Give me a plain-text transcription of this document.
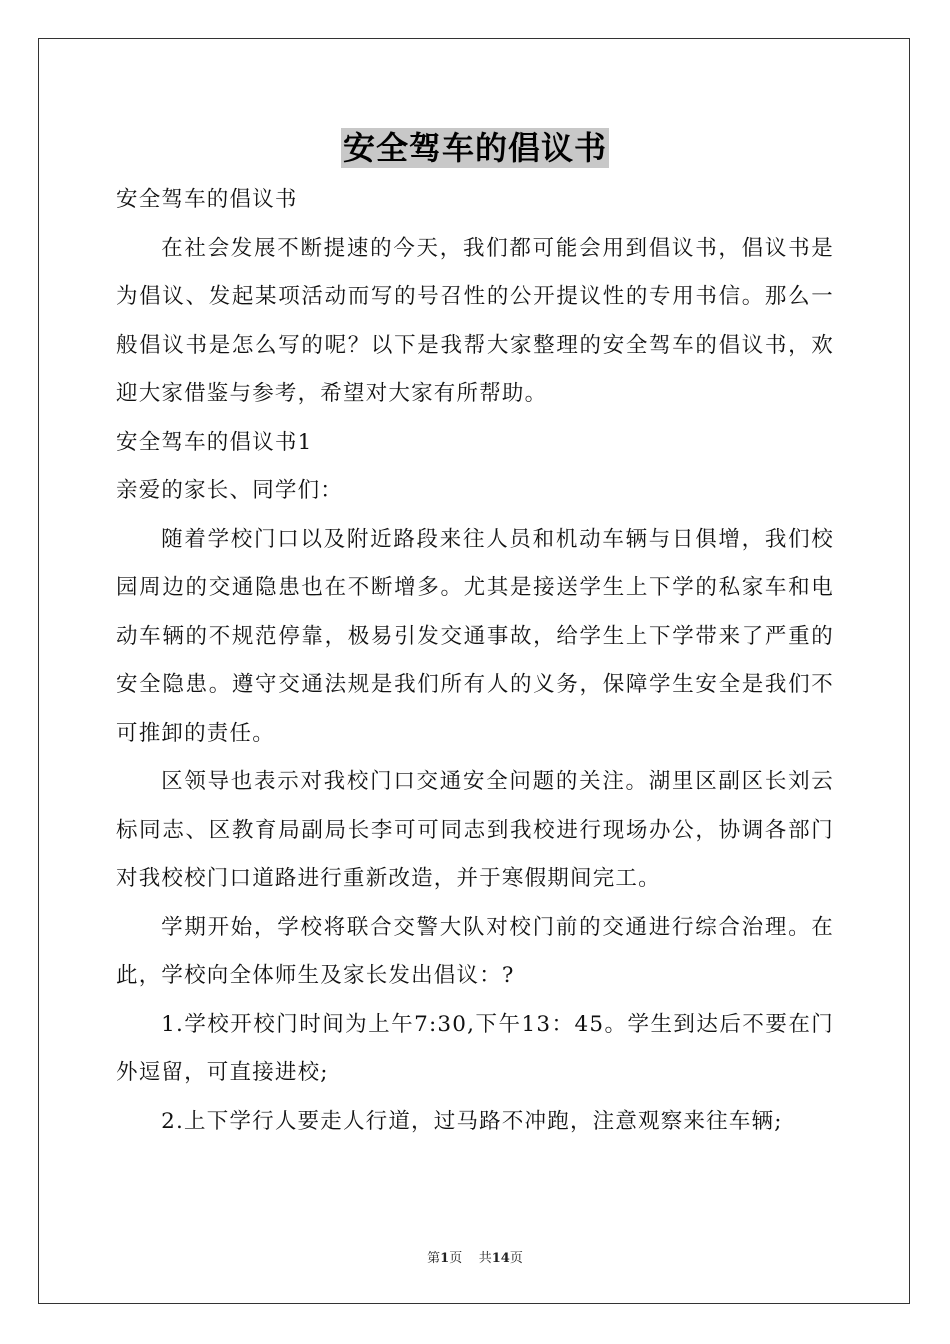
安全驾车的倡议书

安全驾车的倡议书

在社会发展不断提速的今天，我们都可能会用到倡议书，倡议书是为倡议、发起某项活动而写的号召性的公开提议性的专用书信。那么一般倡议书是怎么写的呢？以下是我帮大家整理的安全驾车的倡议书，欢迎大家借鉴与参考，希望对大家有所帮助。

安全驾车的倡议书1

亲爱的家长、同学们：

随着学校门口以及附近路段来往人员和机动车辆与日俱增，我们校园周边的交通隐患也在不断增多。尤其是接送学生上下学的私家车和电动车辆的不规范停靠，极易引发交通事故，给学生上下学带来了严重的安全隐患。遵守交通法规是我们所有人的义务，保障学生安全是我们不可推卸的责任。

区领导也表示对我校门口交通安全问题的关注。湖里区副区长刘云标同志、区教育局副局长李可可同志到我校进行现场办公，协调各部门对我校校门口道路进行重新改造，并于寒假期间完工。

学期开始，学校将联合交警大队对校门前的交通进行综合治理。在此，学校向全体师生及家长发出倡议：?

1.学校开校门时间为上午7:30,下午13：45。学生到达后不要在门外逗留，可直接进校;

2.上下学行人要走人行道，过马路不冲跑，注意观察来往车辆;

第1页 共14页
